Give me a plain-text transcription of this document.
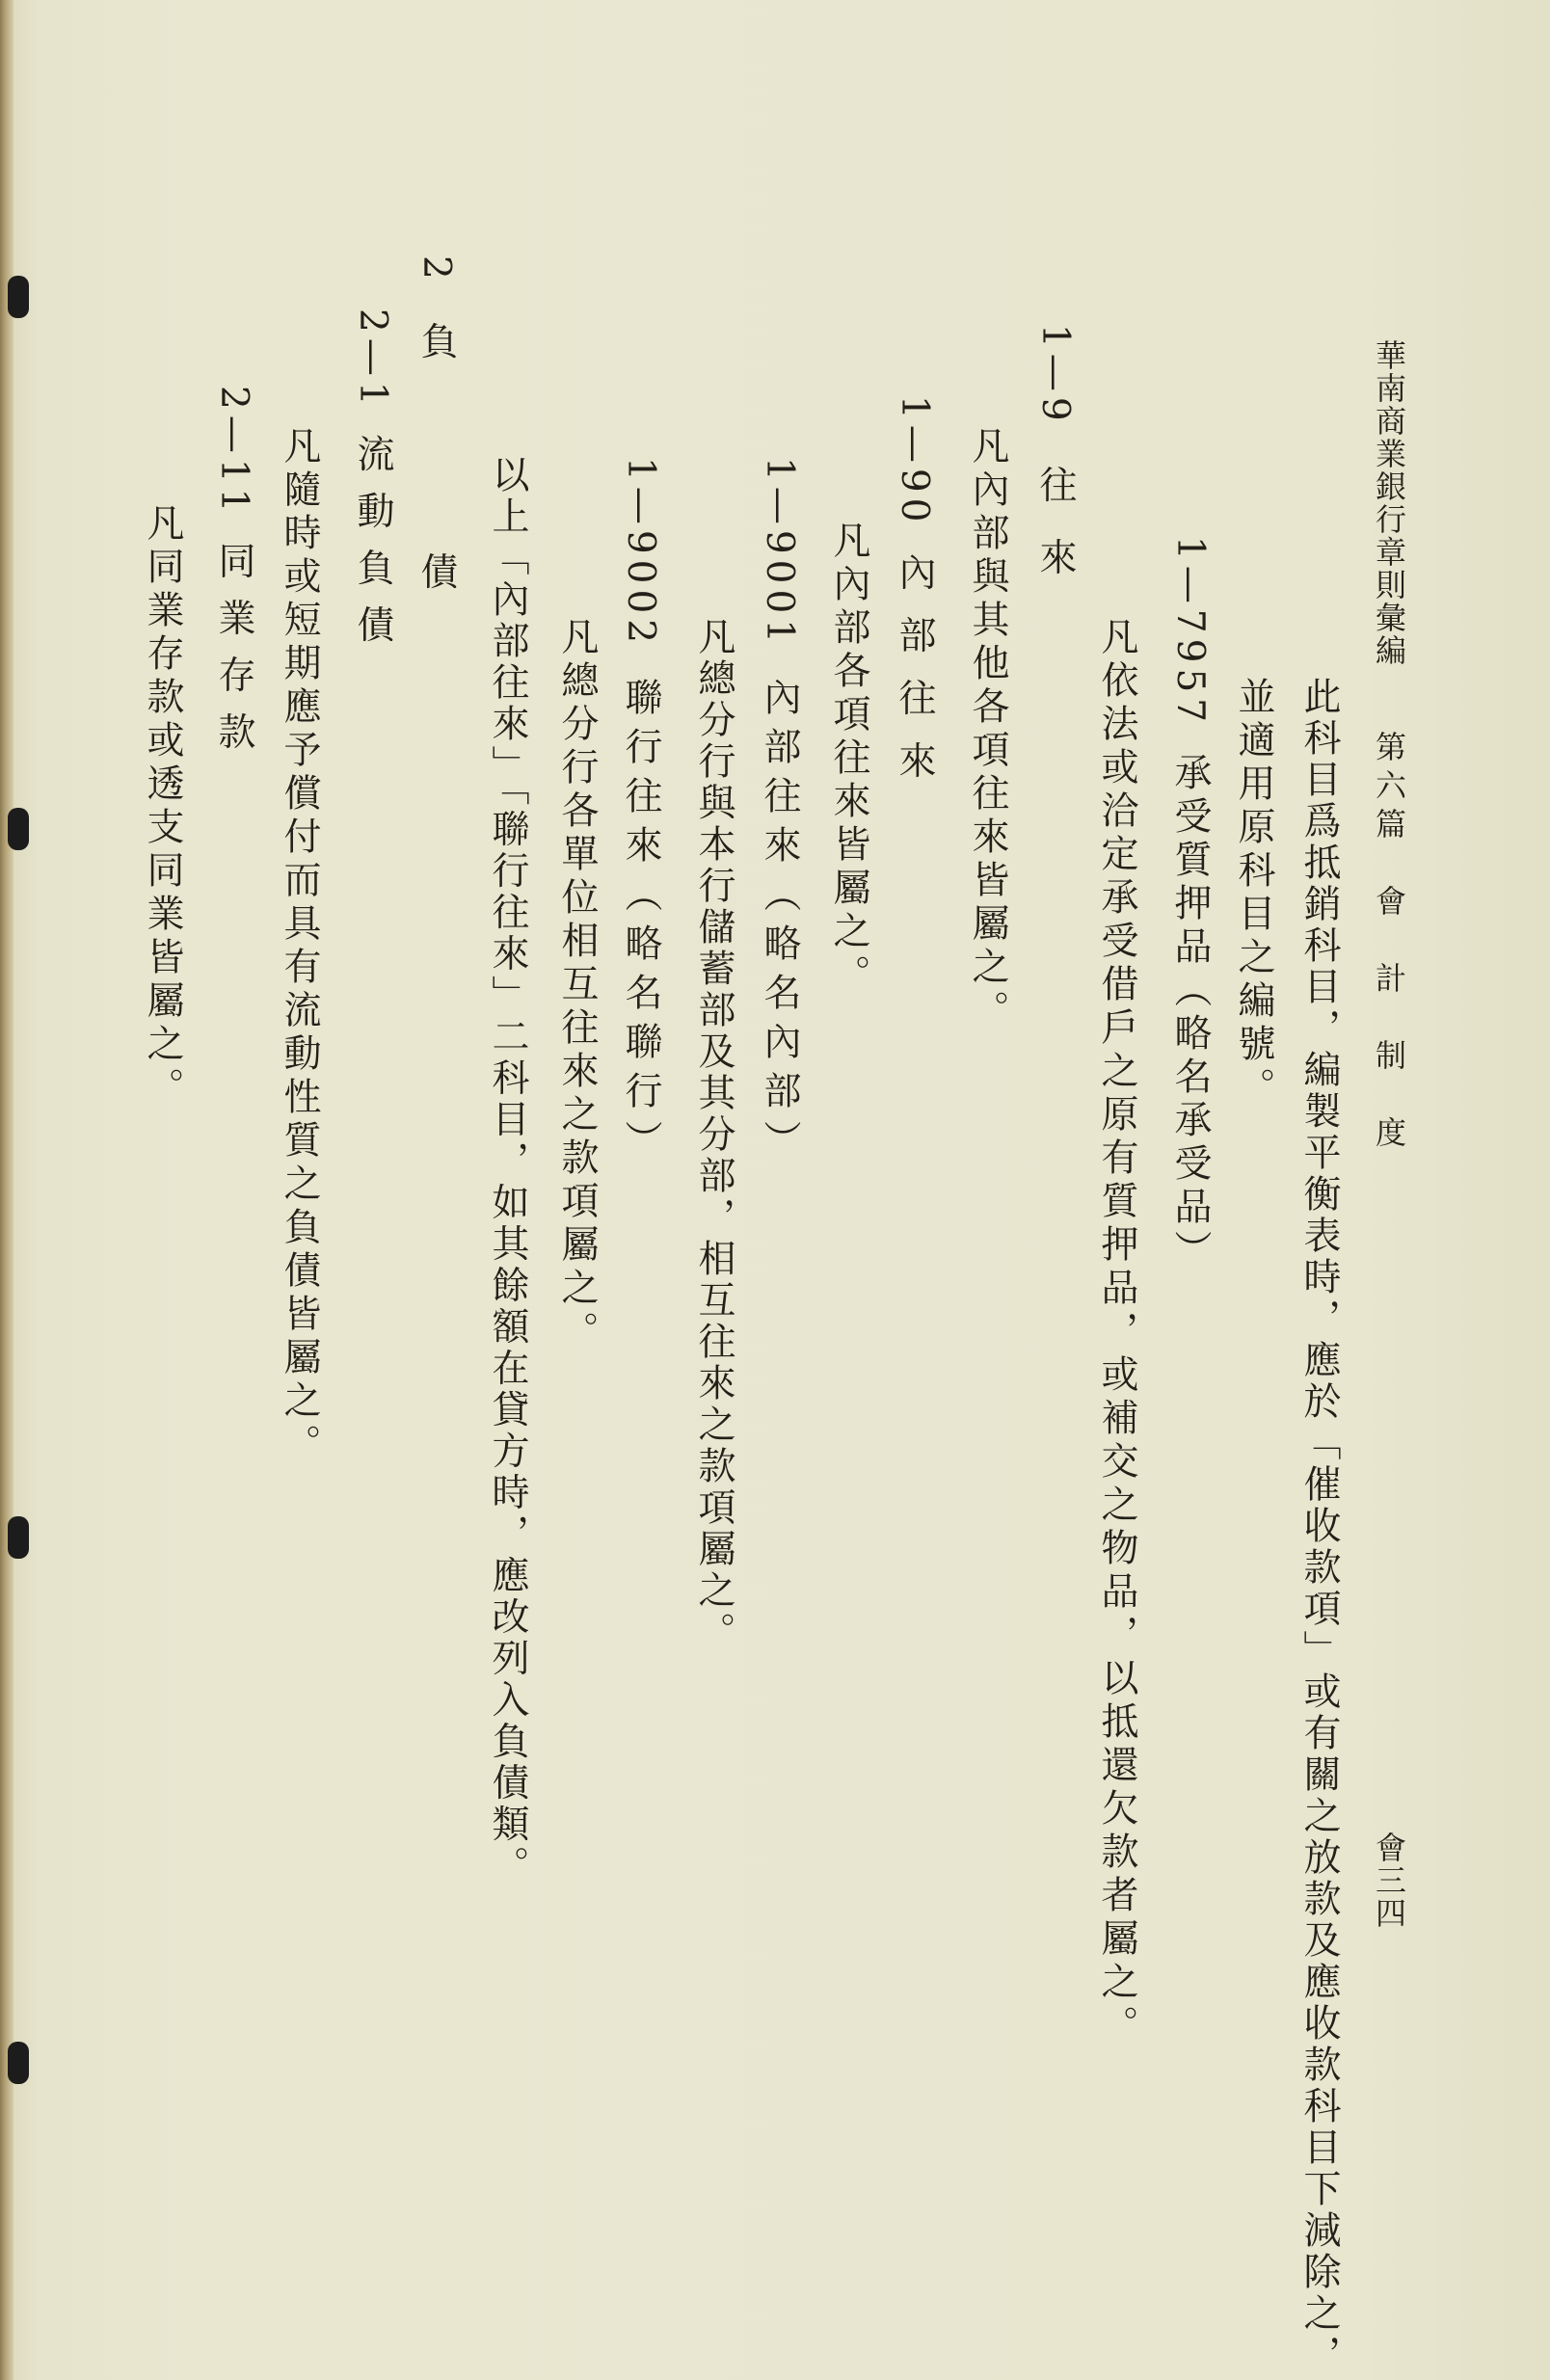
華南商業銀行章則彙編
第六篇　會　計　制　度
會三四
此科目爲抵銷科目，編製平衡表時，應於「催收款項」或有關之放款及應收款科目下減除之，
並適用原科目之編號。
1—7957承受質押品（略名承受品）
凡依法或洽定承受借戶之原有質押品，或補交之物品，以抵還欠款者屬之。
1—9往來
凡內部與其他各項往來皆屬之。
1—90內部往來
凡內部各項往來皆屬之。
1—9001內部往來（略名內部）
凡總分行與本行儲蓄部及其分部，相互往來之款項屬之。
1—9002聯行往來（略名聯行）
凡總分行各單位相互往來之款項屬之。
以上「內部往來」「聯行往來」二科目，如其餘額在貸方時，應改列入負債類。
2負債
2—1流動負債
凡隨時或短期應予償付而具有流動性質之負債皆屬之。
2—11同業存款
凡同業存款或透支同業皆屬之。
